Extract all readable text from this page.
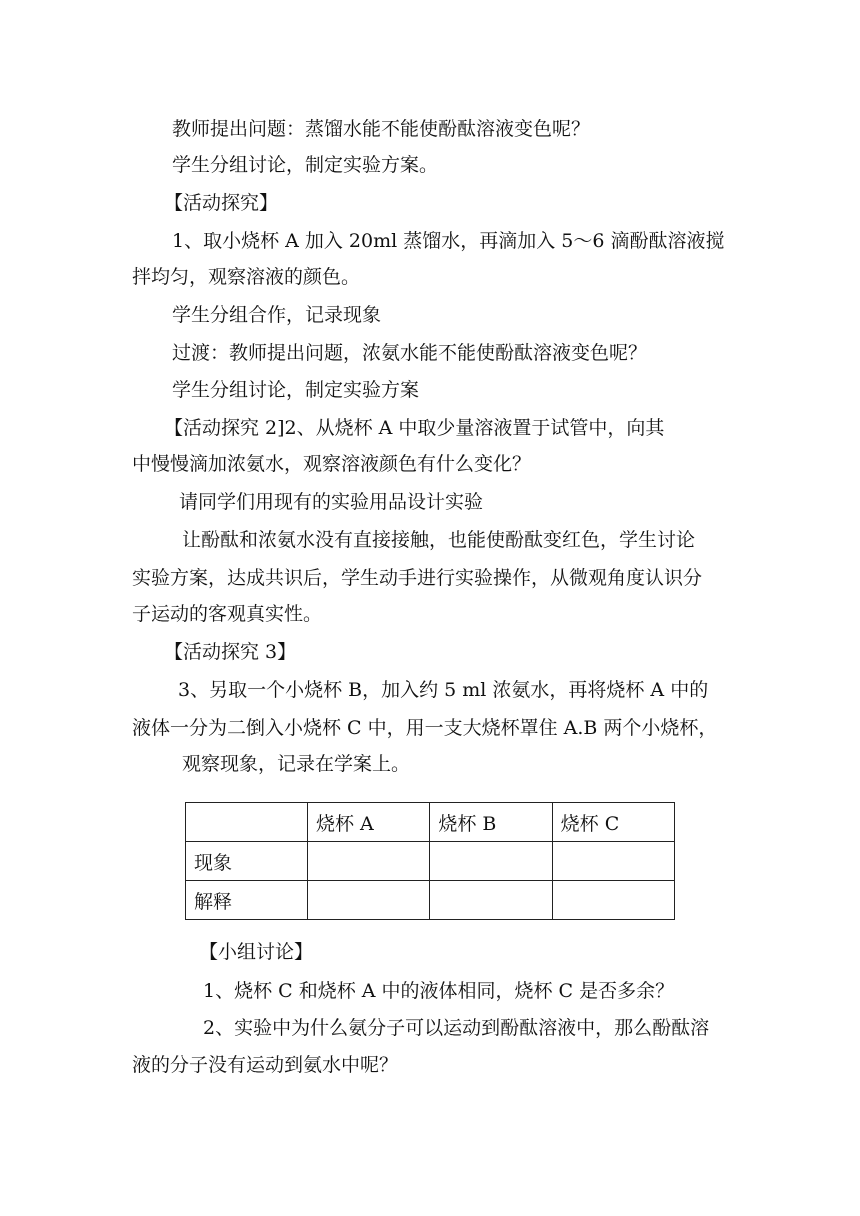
教师提出问题：蒸馏水能不能使酚酞溶液变色呢？
学生分组讨论，制定实验方案。
【活动探究】
1、取小烧杯 A 加入 20ml 蒸馏水，再滴加入 5～6 滴酚酞溶液搅
拌均匀，观察溶液的颜色。
学生分组合作，记录现象
过渡：教师提出问题，浓氨水能不能使酚酞溶液变色呢？
学生分组讨论，制定实验方案
【活动探究 2]2、从烧杯 A 中取少量溶液置于试管中，向其
中慢慢滴加浓氨水，观察溶液颜色有什么变化？
请同学们用现有的实验用品设计实验
让酚酞和浓氨水没有直接接触，也能使酚酞变红色，学生讨论
实验方案，达成共识后，学生动手进行实验操作，从微观角度认识分
子运动的客观真实性。
【活动探究 3】
3、另取一个小烧杯 B，加入约 5 ml 浓氨水，再将烧杯 A 中的
液体一分为二倒入小烧杯 C 中，用一支大烧杯罩住 A.B 两个小烧杯，
观察现象，记录在学案上。
	烧杯 A	烧杯 B	烧杯 C
现象			
解释			
【小组讨论】
1、烧杯 C 和烧杯 A 中的液体相同，烧杯 C 是否多余？
2、实验中为什么氨分子可以运动到酚酞溶液中，那么酚酞溶
液的分子没有运动到氨水中呢？
